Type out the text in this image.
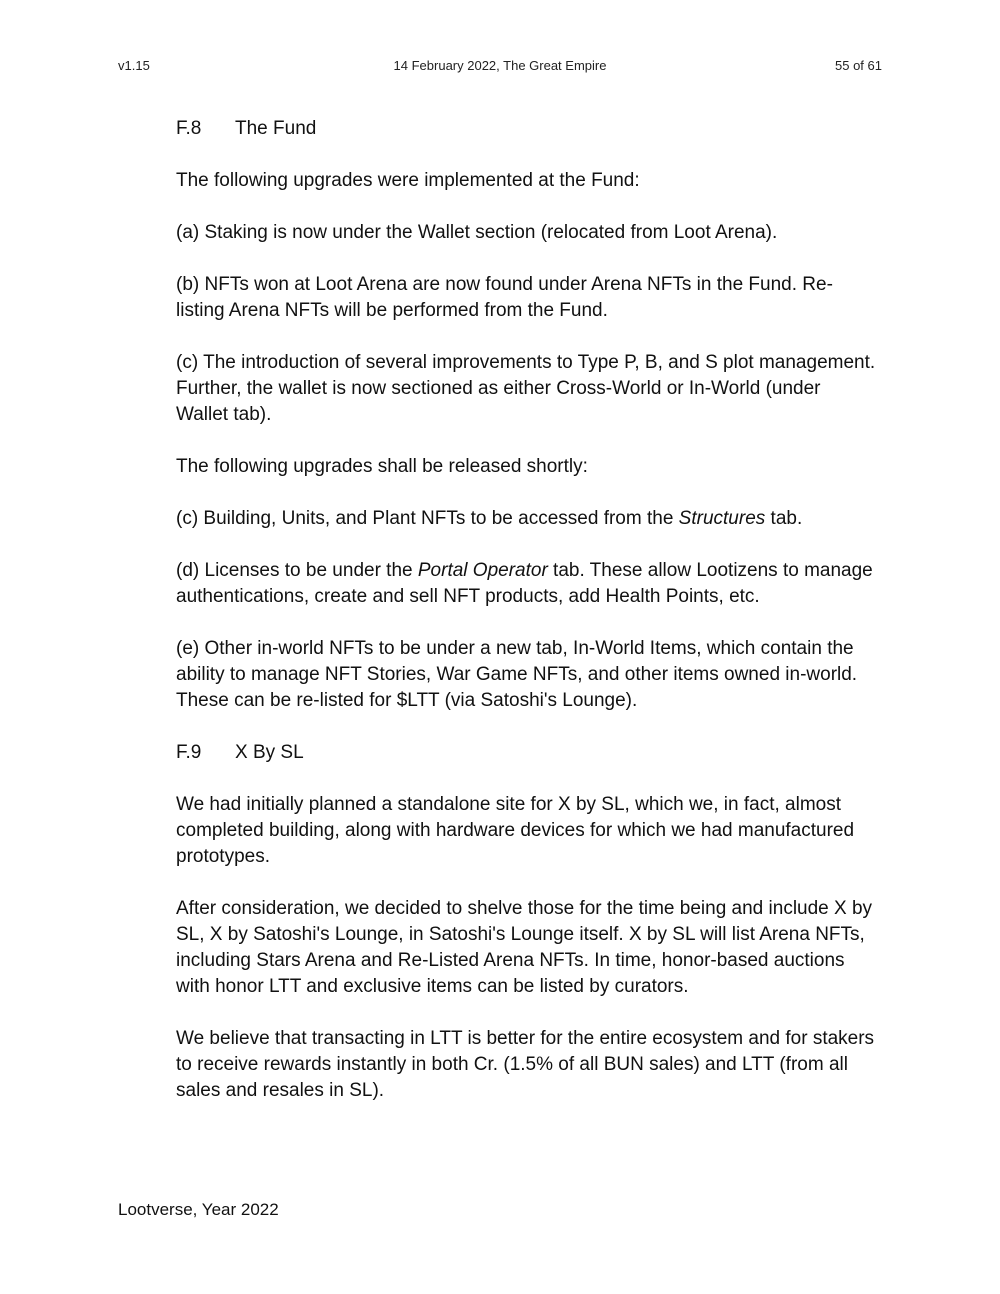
v1.15	14 February 2022, The Great Empire	55 of 61
F.8 The Fund

The following upgrades were implemented at the Fund:

(a) Staking is now under the Wallet section (relocated from Loot Arena).

(b) NFTs won at Loot Arena are now found under Arena NFTs in the Fund. Re-listing Arena NFTs will be performed from the Fund.

(c) The introduction of several improvements to Type P, B, and S plot management. Further, the wallet is now sectioned as either Cross-World or In-World (under Wallet tab).

The following upgrades shall be released shortly:

(c) Building, Units, and Plant NFTs to be accessed from the Structures tab.

(d) Licenses to be under the Portal Operator tab. These allow Lootizens to manage authentications, create and sell NFT products, add Health Points, etc.

(e) Other in-world NFTs to be under a new tab, In-World Items, which contain the ability to manage NFT Stories, War Game NFTs, and other items owned in-world. These can be re-listed for $LTT (via Satoshi's Lounge).

F.9 X By SL

We had initially planned a standalone site for X by SL, which we, in fact, almost completed building, along with hardware devices for which we had manufactured prototypes.

After consideration, we decided to shelve those for the time being and include X by SL, X by Satoshi's Lounge, in Satoshi's Lounge itself. X by SL will list Arena NFTs, including Stars Arena and Re-Listed Arena NFTs. In time, honor-based auctions with honor LTT and exclusive items can be listed by curators.

We believe that transacting in LTT is better for the entire ecosystem and for stakers to receive rewards instantly in both Cr. (1.5% of all BUN sales) and LTT (from all sales and resales in SL).

Lootverse, Year 2022
